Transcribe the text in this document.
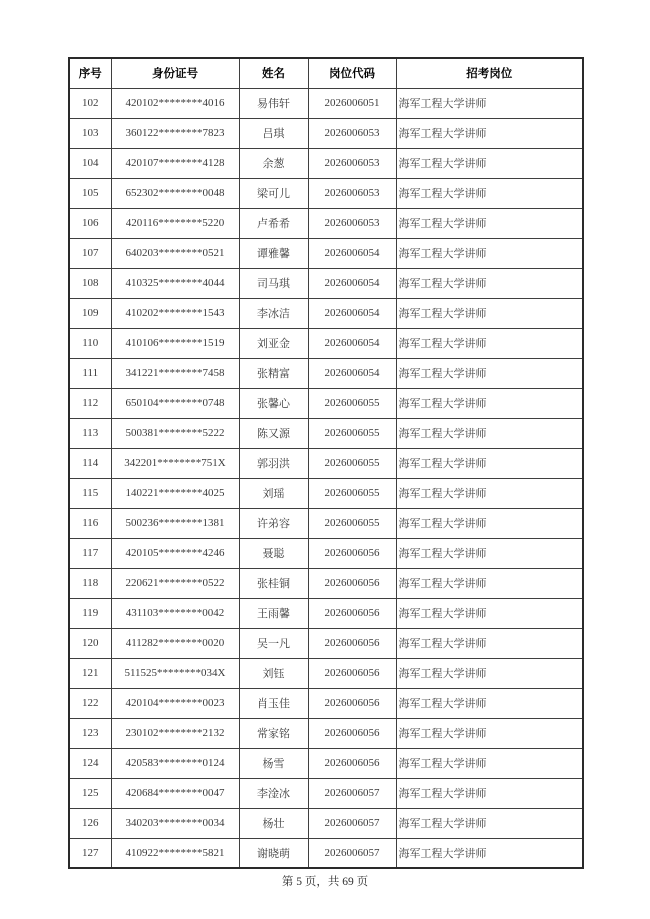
序号	身份证号	姓名	岗位代码	招考岗位
102	420102********4016	易伟轩	2026006051	海军工程大学讲师
103	360122********7823	吕琪	2026006053	海军工程大学讲师
104	420107********4128	余葱	2026006053	海军工程大学讲师
105	652302********0048	梁可儿	2026006053	海军工程大学讲师
106	420116********5220	卢希希	2026006053	海军工程大学讲师
107	640203********0521	谭雅馨	2026006054	海军工程大学讲师
108	410325********4044	司马琪	2026006054	海军工程大学讲师
109	410202********1543	李冰洁	2026006054	海军工程大学讲师
110	410106********1519	刘亚金	2026006054	海军工程大学讲师
111	341221********7458	张精富	2026006054	海军工程大学讲师
112	650104********0748	张馨心	2026006055	海军工程大学讲师
113	500381********5222	陈又源	2026006055	海军工程大学讲师
114	342201********751X	郭羽洪	2026006055	海军工程大学讲师
115	140221********4025	刘瑶	2026006055	海军工程大学讲师
116	500236********1381	许弟容	2026006055	海军工程大学讲师
117	420105********4246	聂聪	2026006056	海军工程大学讲师
118	220621********0522	张桂铜	2026006056	海军工程大学讲师
119	431103********0042	王雨馨	2026006056	海军工程大学讲师
120	411282********0020	吴一凡	2026006056	海军工程大学讲师
121	511525********034X	刘钰	2026006056	海军工程大学讲师
122	420104********0023	肖玉佳	2026006056	海军工程大学讲师
123	230102********2132	常家铭	2026006056	海军工程大学讲师
124	420583********0124	杨雪	2026006056	海军工程大学讲师
125	420684********0047	李淦冰	2026006057	海军工程大学讲师
126	340203********0034	杨壮	2026006057	海军工程大学讲师
127	410922********5821	谢晓萌	2026006057	海军工程大学讲师
第 5 页，共 69 页
